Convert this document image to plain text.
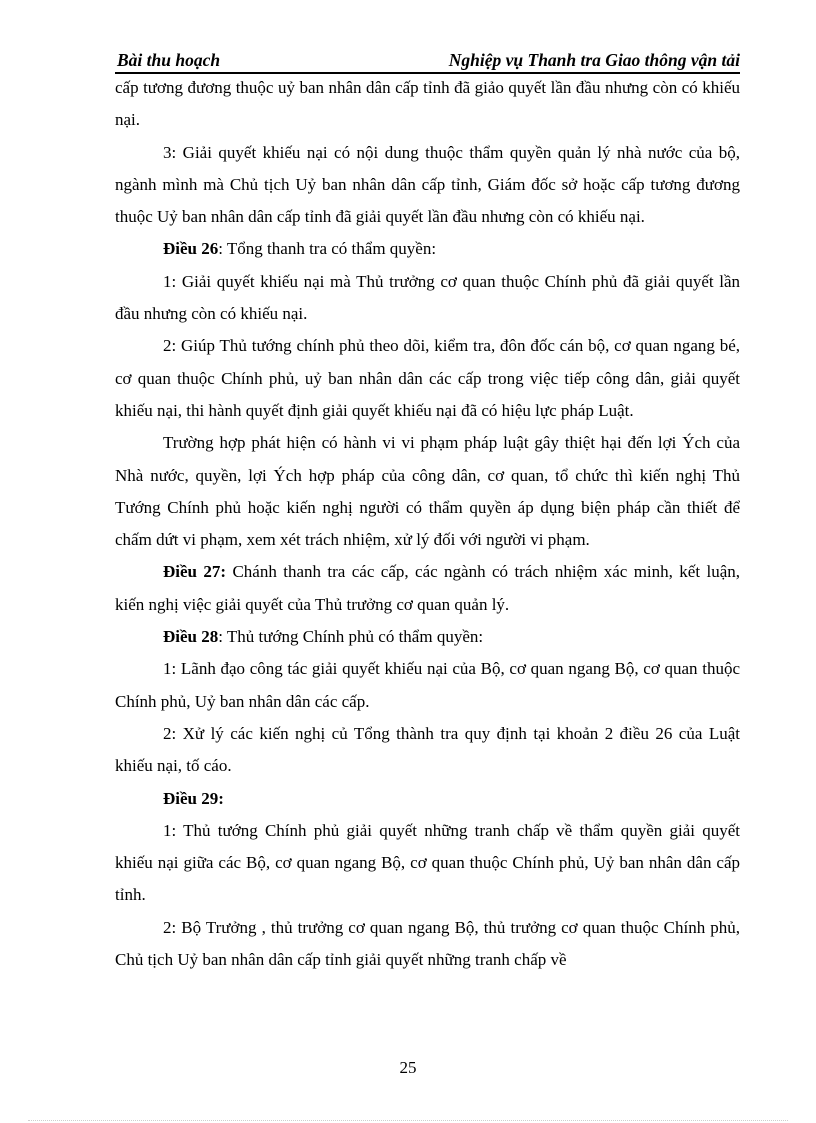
Bài thu hoạch	Nghiệp vụ Thanh tra Giao thông vận tải

cấp tương đương thuộc uỷ ban nhân dân cấp tỉnh đã giảo quyết lần đầu nhưng còn có khiếu nại.

3: Giải quyết khiếu nại có nội dung thuộc thẩm quyền quản lý nhà nước của bộ, ngành mình mà Chủ tịch Uỷ ban nhân dân cấp tỉnh, Giám đốc sở hoặc cấp tương đương thuộc Uỷ ban nhân dân cấp tỉnh đã giải quyết lần đầu nhưng còn có khiếu nại.

Điều 26: Tổng thanh tra có thẩm quyền:

1: Giải quyết khiếu nại mà Thủ trưởng cơ quan thuộc Chính phủ đã giải quyết lần đầu nhưng còn có khiếu nại.

2: Giúp Thủ tướng chính phủ theo dõi, kiểm tra, đôn đốc cán bộ, cơ quan ngang bé, cơ quan thuộc Chính phủ, uỷ ban nhân dân các cấp trong việc tiếp công dân, giải quyết khiếu nại, thi hành quyết định giải quyết khiếu nại đã có hiệu lực pháp Luật.

Trường hợp phát hiện có hành vi vi phạm pháp luật gây thiệt hại đến lợi Ých của Nhà nước, quyền, lợi Ých hợp pháp của công dân, cơ quan, tổ chức thì kiến nghị Thủ Tướng Chính phủ hoặc kiến nghị người có thẩm quyền áp dụng biện pháp cần thiết để chấm dứt vi phạm, xem xét trách nhiệm, xử lý đối với người vi phạm.

Điều 27: Chánh thanh tra các cấp, các ngành có trách nhiệm xác minh, kết luận, kiến nghị việc giải quyết của Thủ trưởng cơ quan quản lý.

Điều 28: Thủ tướng Chính phủ có thẩm quyền:

1: Lãnh đạo công tác giải quyết khiếu nại của Bộ, cơ quan ngang Bộ, cơ quan thuộc Chính phủ, Uỷ ban nhân dân các cấp.

2: Xử lý các kiến nghị củ Tổng thành tra quy định tại khoản 2 điều 26 của Luật khiếu nại, tố cáo.

Điều 29:

1: Thủ tướng Chính phủ giải quyết những tranh chấp về thẩm quyền giải quyết khiếu nại giữa các Bộ, cơ quan ngang Bộ, cơ quan thuộc Chính phủ, Uỷ ban nhân dân cấp tỉnh.

2: Bộ Trưởng , thủ trưởng cơ quan ngang Bộ, thủ trưởng cơ quan thuộc Chính phủ, Chủ tịch Uỷ ban nhân dân cấp tỉnh giải quyết những tranh chấp về

25
